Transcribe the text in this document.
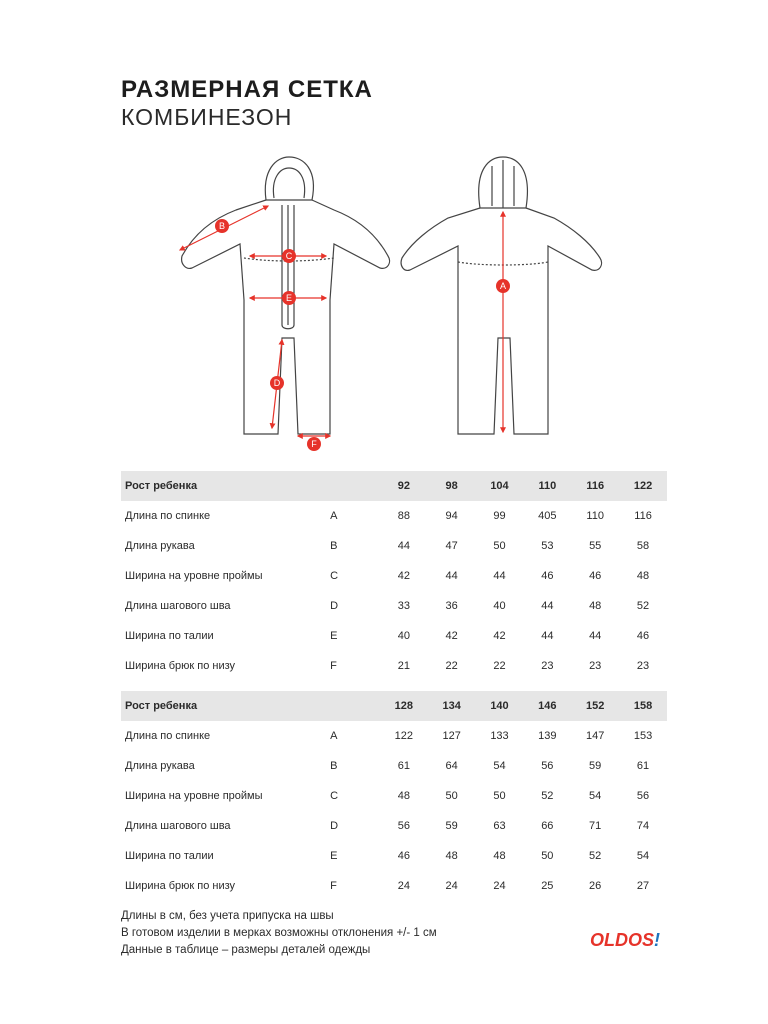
РАЗМЕРНАЯ СЕТКА
КОМБИНЕЗОН
B
C
E
D
F
A
Рост ребенка		92	98	104	110	116	122
Длина по спинке	A	88	94	99	405	110	116
Длина рукава	B	44	47	50	53	55	58
Ширина на уровне проймы	C	42	44	44	46	46	48
Длина шагового шва	D	33	36	40	44	48	52
Ширина по талии	E	40	42	42	44	44	46
Ширина брюк по низу	F	21	22	22	23	23	23
Рост ребенка		128	134	140	146	152	158
Длина по спинке	A	122	127	133	139	147	153
Длина рукава	B	61	64	54	56	59	61
Ширина на уровне проймы	C	48	50	50	52	54	56
Длина шагового шва	D	56	59	63	66	71	74
Ширина по талии	E	46	48	48	50	52	54
Ширина брюк по низу	F	24	24	24	25	26	27
Длины в см, без учета припуска на швы
В готовом изделии в мерках возможны отклонения +/- 1 см
Данные в таблице – размеры деталей одежды	OLDOS!
